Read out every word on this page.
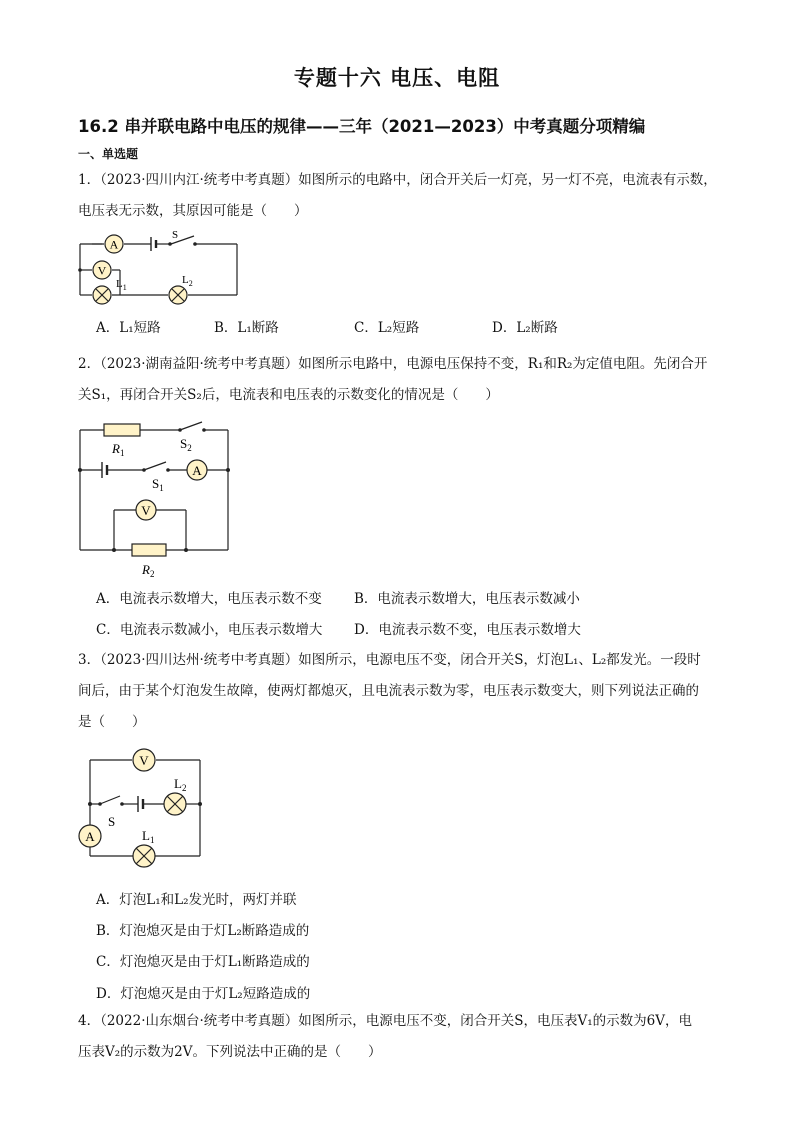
专题十六 电压、电阻
16.2 串并联电路中电压的规律——三年（2021—2023）中考真题分项精编
一、单选题

1．（2023·四川内江·统考中考真题）如图所示的电路中，闭合开关后一灯亮，另一灯不亮，电流表有示数，

电压表无示数，其原因可能是（　　）

A
V
$L_1$
$L_2$
S
A．L₁短路	B．L₁断路	C．L₂短路	D．L₂断路

2．（2023·湖南益阳·统考中考真题）如图所示电路中，电源电压保持不变，R₁和R₂为定值电阻。先闭合开

关S₁，再闭合开关S₂后，电流表和电压表的示数变化的情况是（　　）

$R_1$
$S_2$
$S_1$
A
V
$R_2$
A．电流表示数增大，电压表示数不变 B．电流表示数增大，电压表示数减小
C．电流表示数减小，电压表示数增大 D．电流表示数不变，电压表示数增大

3．（2023·四川达州·统考中考真题）如图所示，电源电压不变，闭合开关S，灯泡L₁、L₂都发光。一段时

间后，由于某个灯泡发生故障，使两灯都熄灭，且电流表示数为零，电压表示数变大，则下列说法正确的

是（　　）

V
$L_2$
S
A	$L_1$
A．灯泡L₁和L₂发光时，两灯并联
B．灯泡熄灭是由于灯L₂断路造成的
C．灯泡熄灭是由于灯L₁断路造成的
D．灯泡熄灭是由于灯L₂短路造成的

4．（2022·山东烟台·统考中考真题）如图所示，电源电压不变，闭合开关S，电压表V₁的示数为6V，电

压表V₂的示数为2V。下列说法中正确的是（　　）
